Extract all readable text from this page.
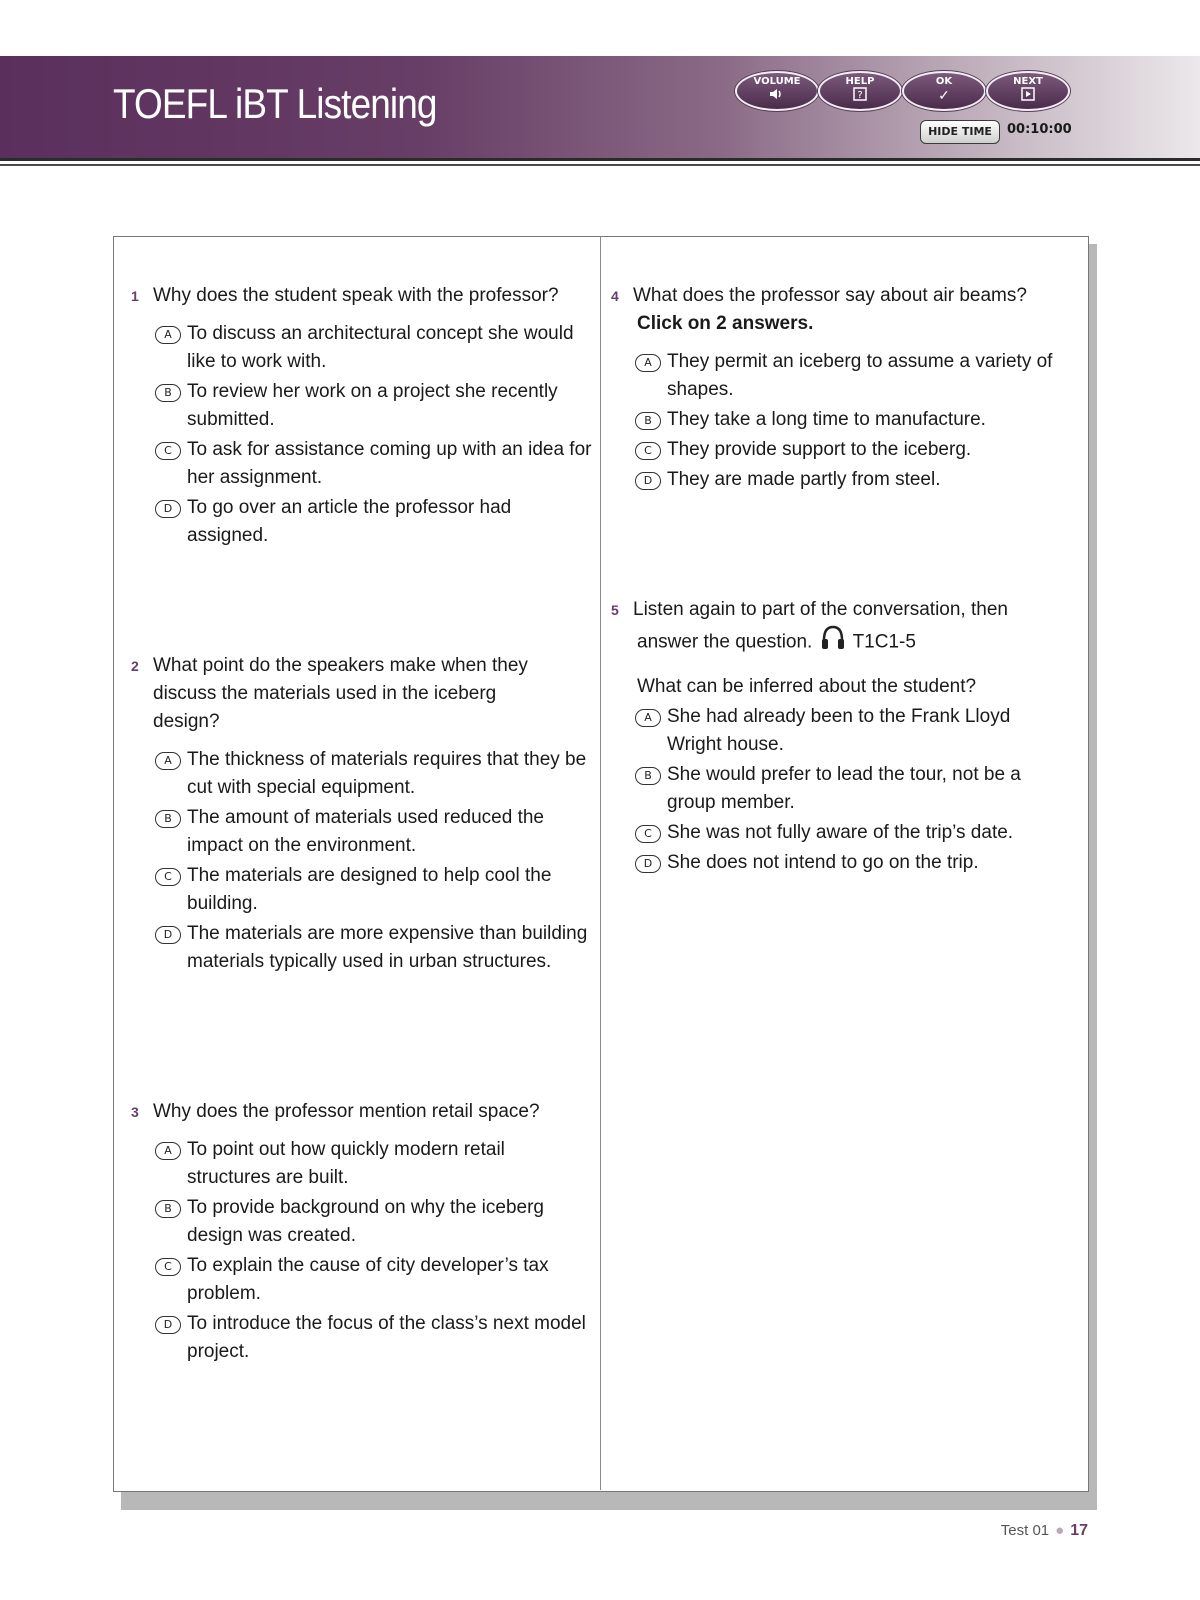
TOEFL iBT Listening	VOLUME	HELP
?
OK
✓
NEXT
HIDE TIME	00:10:00
1 Why does the student speak with the professor?
A To discuss an architectural concept she would like to work with.
B To review her work on a project she recently submitted.
C To ask for assistance coming up with an idea for her assignment.
D To go over an article the professor had assigned.
2 What point do the speakers make when they discuss the materials used in the iceberg design?
A The thickness of materials requires that they be cut with special equipment.
B The amount of materials used reduced the impact on the environment.
C The materials are designed to help cool the building.
D The materials are more expensive than building materials typically used in urban structures.
3 Why does the professor mention retail space?
A To point out how quickly modern retail structures are built.
B To provide background on why the iceberg design was created.
C To explain the cause of city developer’s tax problem.
D To introduce the focus of the class’s next model project.
4 What does the professor say about air beams?
Click on 2 answers.
A They permit an iceberg to assume a variety of shapes.
B They take a long time to manufacture.
C They provide support to the iceberg.
D They are made partly from steel.
5 Listen again to part of the conversation, then
answer the question. T1C1-5
What can be inferred about the student?
A She had already been to the Frank Lloyd Wright house.
B She would prefer to lead the tour, not be a group member.
C She was not fully aware of the trip’s date.
D She does not intend to go on the trip.
Test 01 ● 17
